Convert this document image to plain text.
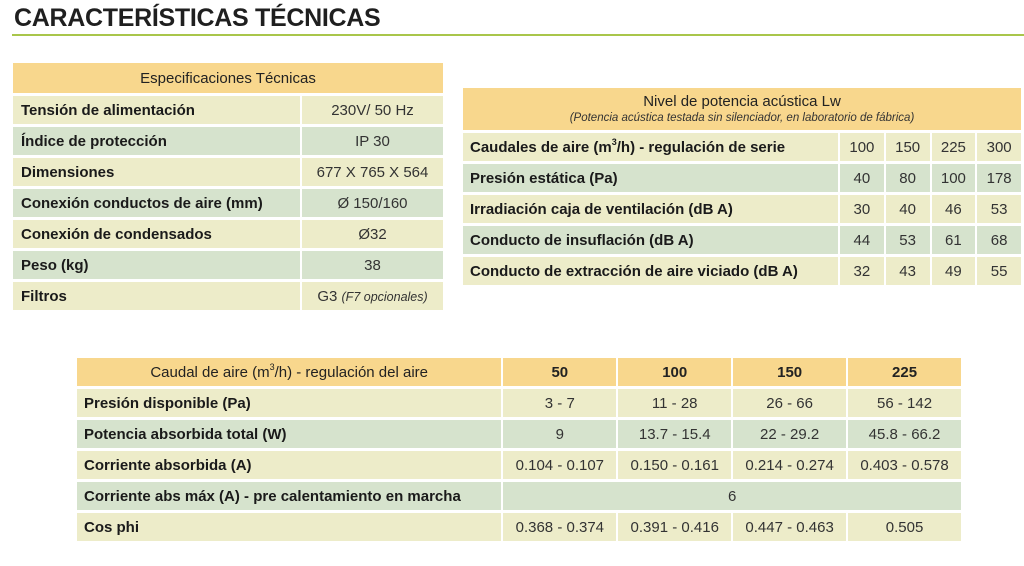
CARACTERÍSTICAS TÉCNICAS
Especificaciones Técnicas	
Tensión de alimentación	230V/ 50 Hz
Índice de protección	IP 30
Dimensiones	677 X 765 X 564
Conexión conductos de aire (mm)	Ø 150/160
Conexión de condensados	Ø32
Peso (kg)	38
Filtros	G3 (F7 opcionales)
Nivel de potencia acústica Lw
(Potencia acústica testada sin silenciador, en laboratorio de fábrica)				

Caudales de aire $(m^3/h)$ - regulación de serie	100	150	225	300
Presión estática (Pa)	40	80	100	178
Irradiación caja de ventilación (dB A)	30	40	46	53
Conducto de insuflación (dB A)	44	53	61	68
Conducto de extracción de aire viciado (dB A)	32	43	49	55
Caudal de aire $(m^3/h)$ - regulación del aire	50	100	150	225
Presión disponible (Pa)	3 - 7	11 - 28	26 - 66	56 - 142
Potencia absorbida total (W)	9	13.7 - 15.4	22 - 29.2	45.8 - 66.2
Corriente absorbida (A)	0.104 - 0.107	0.150 - 0.161	0.214 - 0.274	0.403 - 0.578
Corriente abs máx (A) - pre calentamiento en marcha	6			
Cos phi	0.368 - 0.374	0.391 - 0.416	0.447 - 0.463	0.505
